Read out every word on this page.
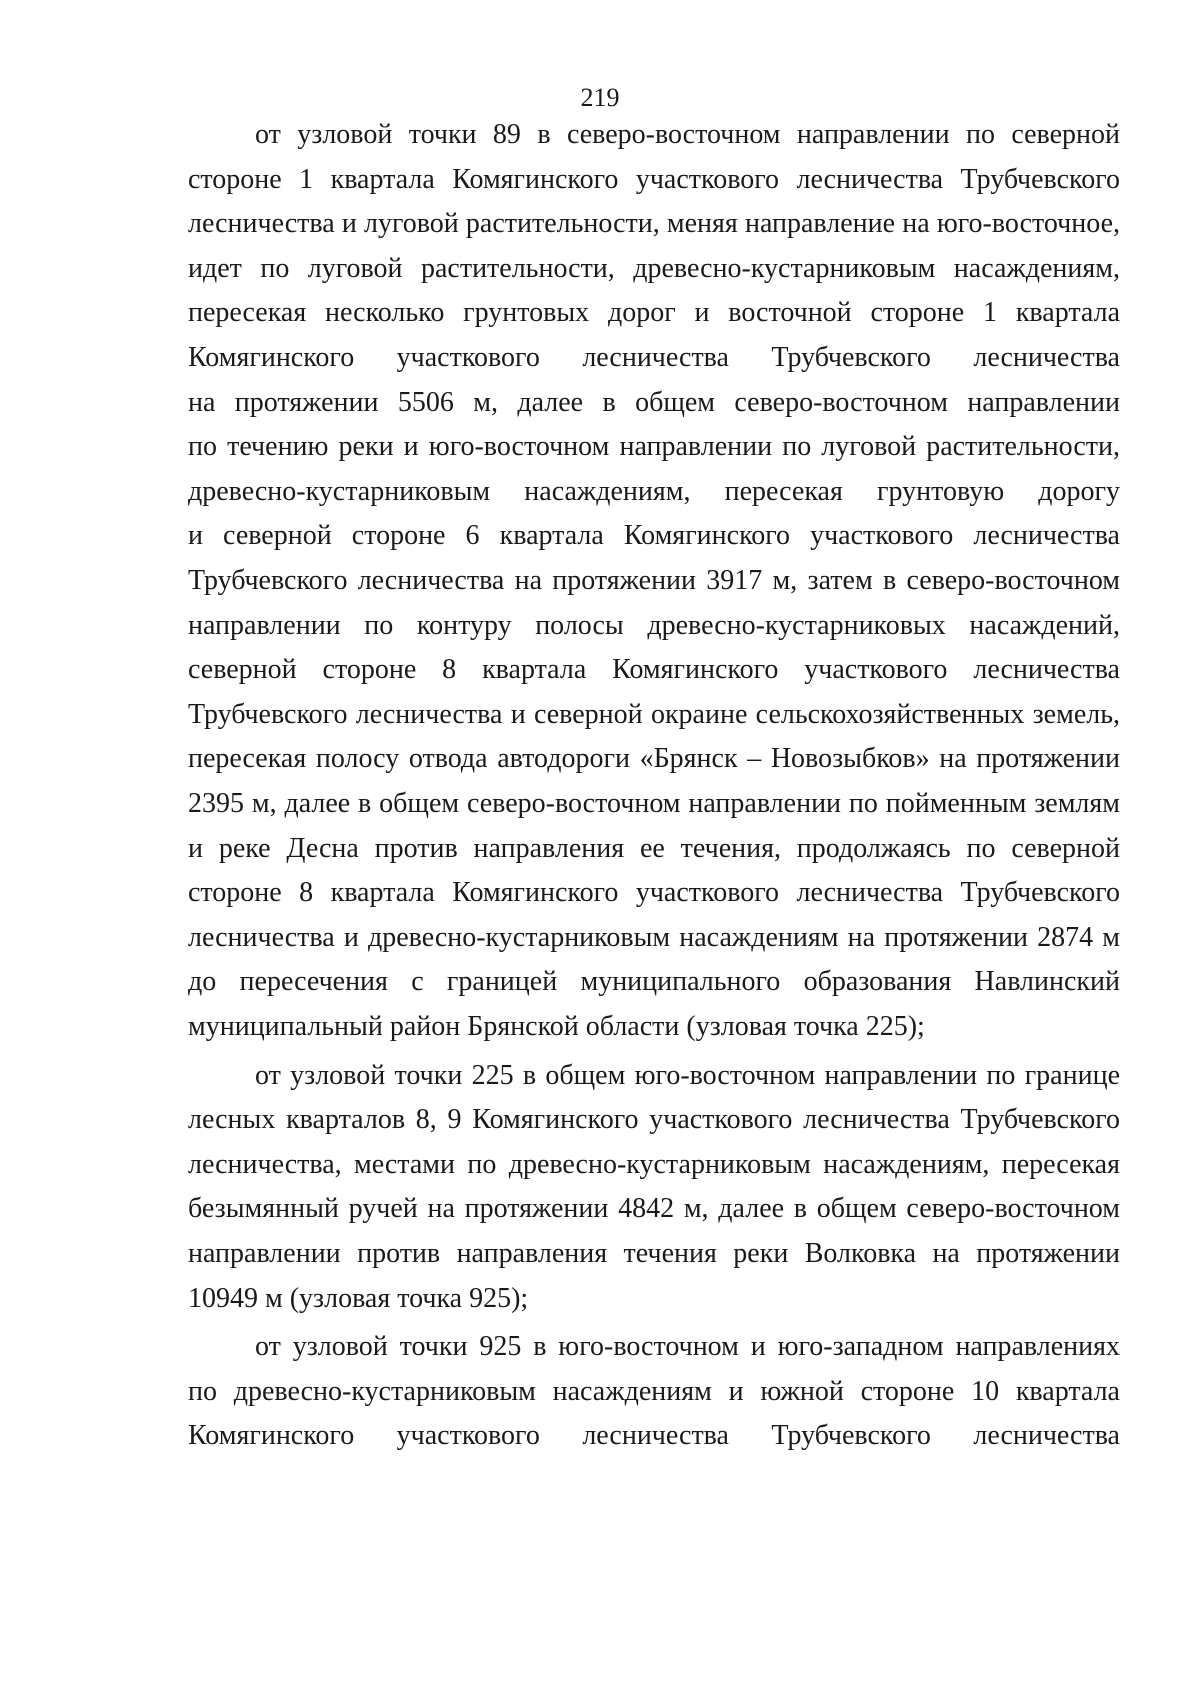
219
от узловой точки 89 в северо-восточном направлении по северной
стороне 1 квартала Комягинского участкового лесничества Трубчевского
лесничества и луговой растительности, меняя направление на юго-восточное,
идет по луговой растительности, древесно-кустарниковым насаждениям,
пересекая несколько грунтовых дорог и восточной стороне 1 квартала
Комягинского участкового лесничества Трубчевского лесничества
на протяжении 5506 м, далее в общем северо-восточном направлении
по течению реки и юго-восточном направлении по луговой растительности,
древесно-кустарниковым насаждениям, пересекая грунтовую дорогу
и северной стороне 6 квартала Комягинского участкового лесничества
Трубчевского лесничества на протяжении 3917 м, затем в северо-восточном
направлении по контуру полосы древесно-кустарниковых насаждений,
северной стороне 8 квартала Комягинского участкового лесничества
Трубчевского лесничества и северной окраине сельскохозяйственных земель,
пересекая полосу отвода автодороги «Брянск – Новозыбков» на протяжении
2395 м, далее в общем северо-восточном направлении по пойменным землям
и реке Десна против направления ее течения, продолжаясь по северной
стороне 8 квартала Комягинского участкового лесничества Трубчевского
лесничества и древесно-кустарниковым насаждениям на протяжении 2874 м
до пересечения с границей муниципального образования Навлинский
муниципальный район Брянской области (узловая точка 225);
от узловой точки 225 в общем юго-восточном направлении по границе
лесных кварталов 8, 9 Комягинского участкового лесничества Трубчевского
лесничества, местами по древесно-кустарниковым насаждениям, пересекая
безымянный ручей на протяжении 4842 м, далее в общем северо-восточном
направлении против направления течения реки Волковка на протяжении
10949 м (узловая точка 925);
от узловой точки 925 в юго-восточном и юго-западном направлениях
по древесно-кустарниковым насаждениям и южной стороне 10 квартала
Комягинского участкового лесничества Трубчевского лесничества
